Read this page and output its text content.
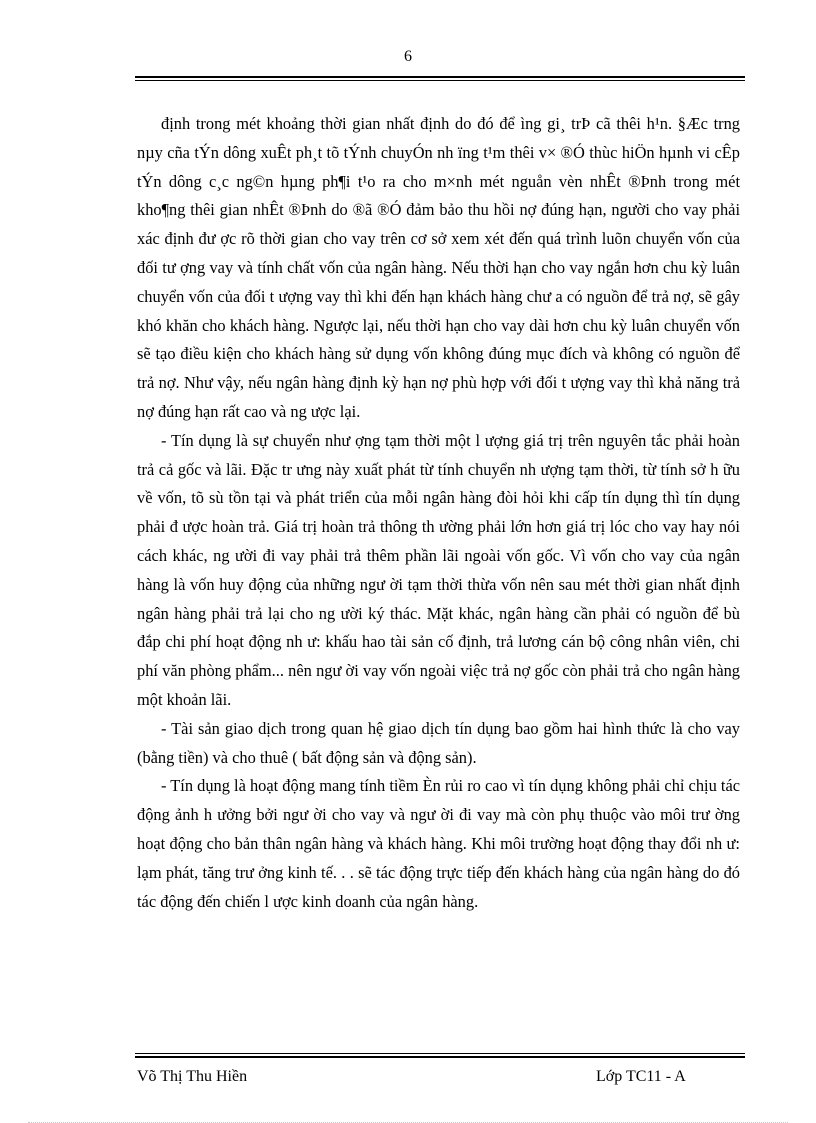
6

định trong mét khoảng thời gian nhất định do đó để ìng gi¸ trÞ cã thêi h¹n. §Æc trng nµy cña tÝn dông xuÊt ph¸t tõ tÝnh chuyÓn nh ïng t¹m thêi v× ®Ó thùc hiÖn hµnh vi cÊp tÝn dông c¸c ng©n hµng ph¶i t¹o ra cho m×nh mét nguån vèn nhÊt ®Þnh trong mét kho¶ng thêi gian nhÊt ®Þnh do ®ã ®Ó đảm bảo thu hồi nợ đúng hạn, người cho vay phải xác định đư ợc rõ thời gian cho vay trên cơ sở xem xét đến quá trình luõn chuyển vốn của đối tư ợng vay và tính chất vốn của ngân hàng. Nếu thời hạn cho vay ngắn hơn chu kỳ luân chuyển vốn của đối t ượng vay thì khi đến hạn khách hàng chư a có nguồn để trả nợ, sẽ gây khó khăn cho khách hàng. Ngược lại, nếu thời hạn cho vay dài hơn chu kỳ luân chuyển vốn sẽ tạo điều kiện cho khách hàng sử dụng vốn không đúng mục đích và không có nguồn để trả nợ. Như vậy, nếu ngân hàng định kỳ hạn nợ phù hợp với đối t ượng vay thì khả năng trả nợ đúng hạn rất cao và ng ược lại.

- Tín dụng là sự chuyển như ợng tạm thời một l ượng giá trị trên nguyên tắc phải hoàn trả cả gốc và lãi. Đặc tr ưng này xuất phát từ tính chuyển nh ượng tạm thời, từ tính sở h ữu về vốn, tõ sù tồn tại và phát triển của mỗi ngân hàng đòi hỏi khi cấp tín dụng thì tín dụng phải đ ược hoàn trả. Giá trị hoàn trả thông th ường phải lớn hơn giá trị lóc cho vay hay nói cách khác, ng ười đi vay phải trả thêm phần lãi ngoài vốn gốc. Vì vốn cho vay của ngân hàng là vốn huy động của những ngư ời tạm thời thừa vốn nên sau mét thời gian nhất định ngân hàng phải trả lại cho ng ười ký thác. Mặt khác, ngân hàng cần phải có nguồn để bù đắp chi phí hoạt động nh ư: khấu hao tài sản cố định, trả lương cán bộ công nhân viên, chi phí văn phòng phẩm... nên ngư ời vay vốn ngoài việc trả nợ gốc còn phải trả cho ngân hàng một khoản lãi.

- Tài sản giao dịch trong quan hệ giao dịch tín dụng bao gồm hai hình thức là cho vay (bằng tiền) và cho thuê ( bất động sản và động sản).

- Tín dụng là hoạt động mang tính tiềm Èn rủi ro cao vì tín dụng không phải chỉ chịu tác động ảnh h ưởng bởi ngư ời cho vay và ngư ời đi vay mà còn phụ thuộc vào môi trư ờng hoạt động cho bản thân ngân hàng và khách hàng. Khi môi trường hoạt động thay đổi nh ư: lạm phát, tăng trư ởng kinh tế. . . sẽ tác động trực tiếp đến khách hàng của ngân hàng do đó tác động đến chiến l ược kinh doanh của ngân hàng.

Võ Thị Thu Hiền	Lớp TC11 - A
